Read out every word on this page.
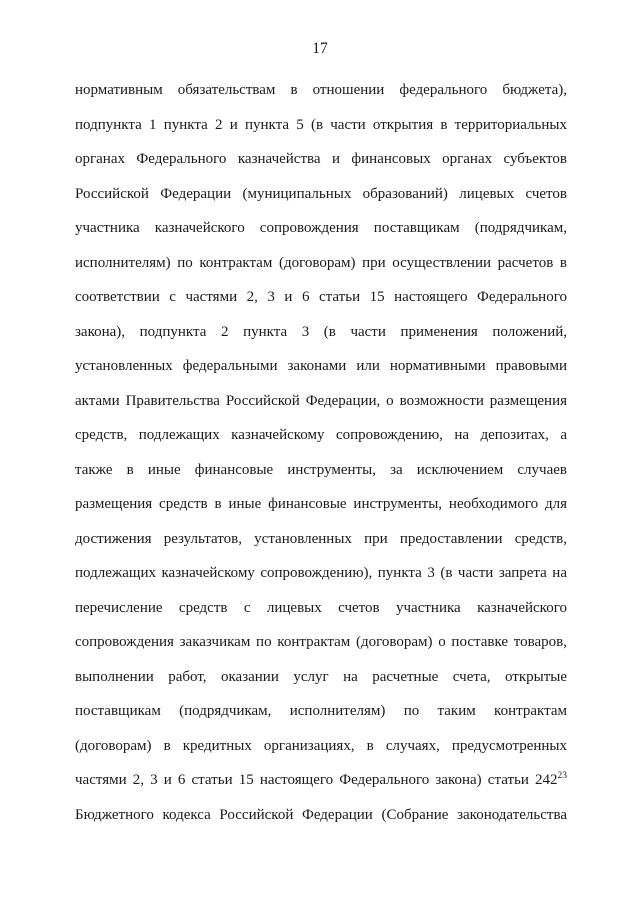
17
нормативным обязательствам в отношении федерального бюджета),
подпункта 1 пункта 2 и пункта 5 (в части открытия в территориальных
органах Федерального казначейства и финансовых органах субъектов
Российской Федерации (муниципальных образований) лицевых счетов
участника казначейского сопровождения поставщикам (подрядчикам,
исполнителям) по контрактам (договорам) при осуществлении расчетов в
соответствии с частями 2, 3 и 6 статьи 15 настоящего Федерального
закона), подпункта 2 пункта 3 (в части применения положений,
установленных федеральными законами или нормативными правовыми
актами Правительства Российской Федерации, о возможности размещения
средств, подлежащих казначейскому сопровождению, на депозитах, а
также в иные финансовые инструменты, за исключением случаев
размещения средств в иные финансовые инструменты, необходимого для
достижения результатов, установленных при предоставлении средств,
подлежащих казначейскому сопровождению), пункта 3 (в части запрета на
перечисление средств с лицевых счетов участника казначейского
сопровождения заказчикам по контрактам (договорам) о поставке товаров,
выполнении работ, оказании услуг на расчетные счета, открытые
поставщикам (подрядчикам, исполнителям) по таким контрактам
(договорам) в кредитных организациях, в случаях, предусмотренных
частями 2, 3 и 6 статьи 15 настоящего Федерального закона) статьи $242^{23}$
Бюджетного кодекса Российской Федерации (Собрание законодательства
